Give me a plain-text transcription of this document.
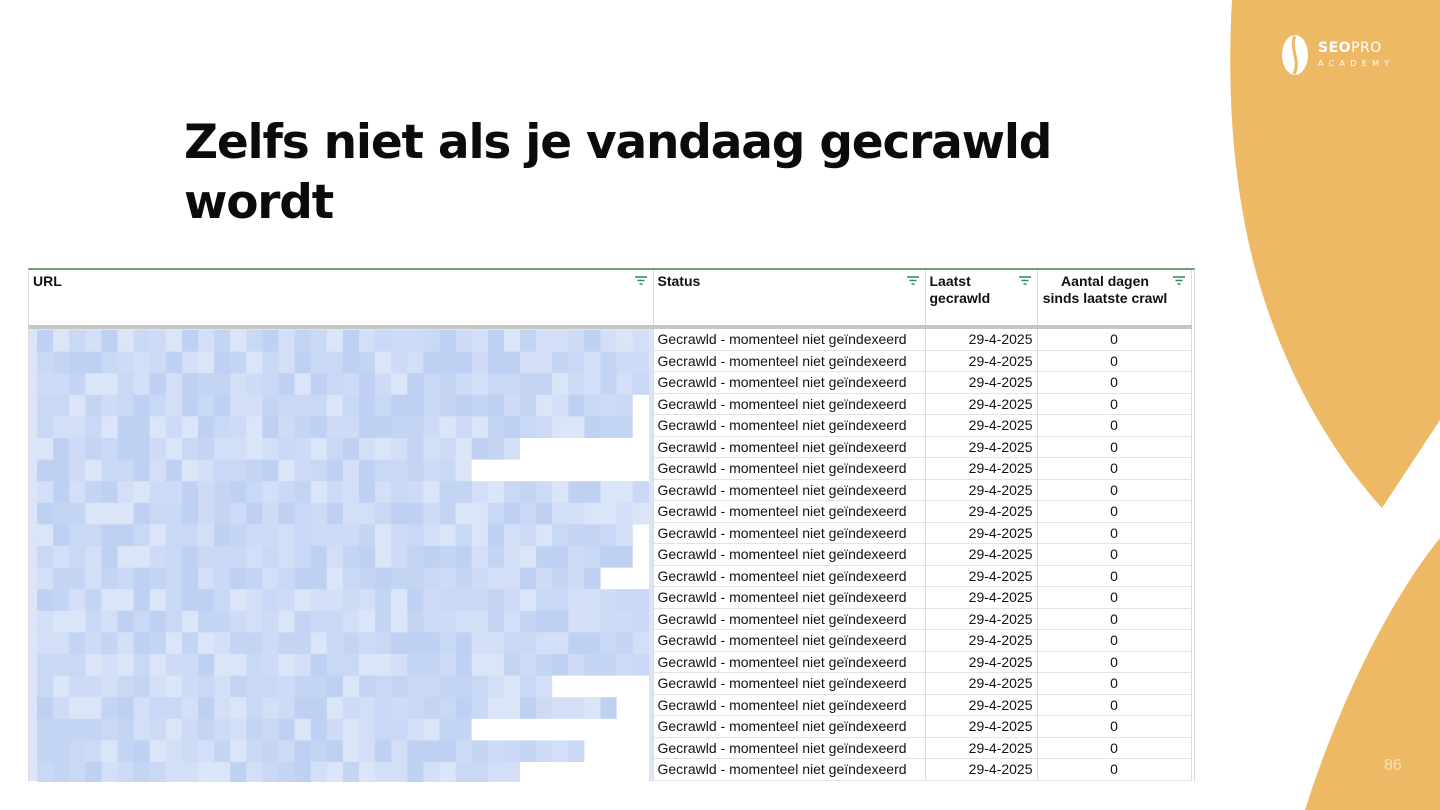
SEOPRO
ACADEMY
Zelfs niet als je vandaag gecrawld wordt
URL	Status	Laatst gecrawld	Aantal dagen sinds laatste crawl

	Gecrawld - momenteel niet geïndexeerd	29-4-2025	0
	Gecrawld - momenteel niet geïndexeerd	29-4-2025	0
	Gecrawld - momenteel niet geïndexeerd	29-4-2025	0
	Gecrawld - momenteel niet geïndexeerd	29-4-2025	0
	Gecrawld - momenteel niet geïndexeerd	29-4-2025	0
	Gecrawld - momenteel niet geïndexeerd	29-4-2025	0
	Gecrawld - momenteel niet geïndexeerd	29-4-2025	0
	Gecrawld - momenteel niet geïndexeerd	29-4-2025	0
	Gecrawld - momenteel niet geïndexeerd	29-4-2025	0
	Gecrawld - momenteel niet geïndexeerd	29-4-2025	0
	Gecrawld - momenteel niet geïndexeerd	29-4-2025	0
	Gecrawld - momenteel niet geïndexeerd	29-4-2025	0
	Gecrawld - momenteel niet geïndexeerd	29-4-2025	0
	Gecrawld - momenteel niet geïndexeerd	29-4-2025	0
	Gecrawld - momenteel niet geïndexeerd	29-4-2025	0
	Gecrawld - momenteel niet geïndexeerd	29-4-2025	0
	Gecrawld - momenteel niet geïndexeerd	29-4-2025	0
	Gecrawld - momenteel niet geïndexeerd	29-4-2025	0
	Gecrawld - momenteel niet geïndexeerd	29-4-2025	0
	Gecrawld - momenteel niet geïndexeerd	29-4-2025	0
	Gecrawld - momenteel niet geïndexeerd	29-4-2025	0	86
